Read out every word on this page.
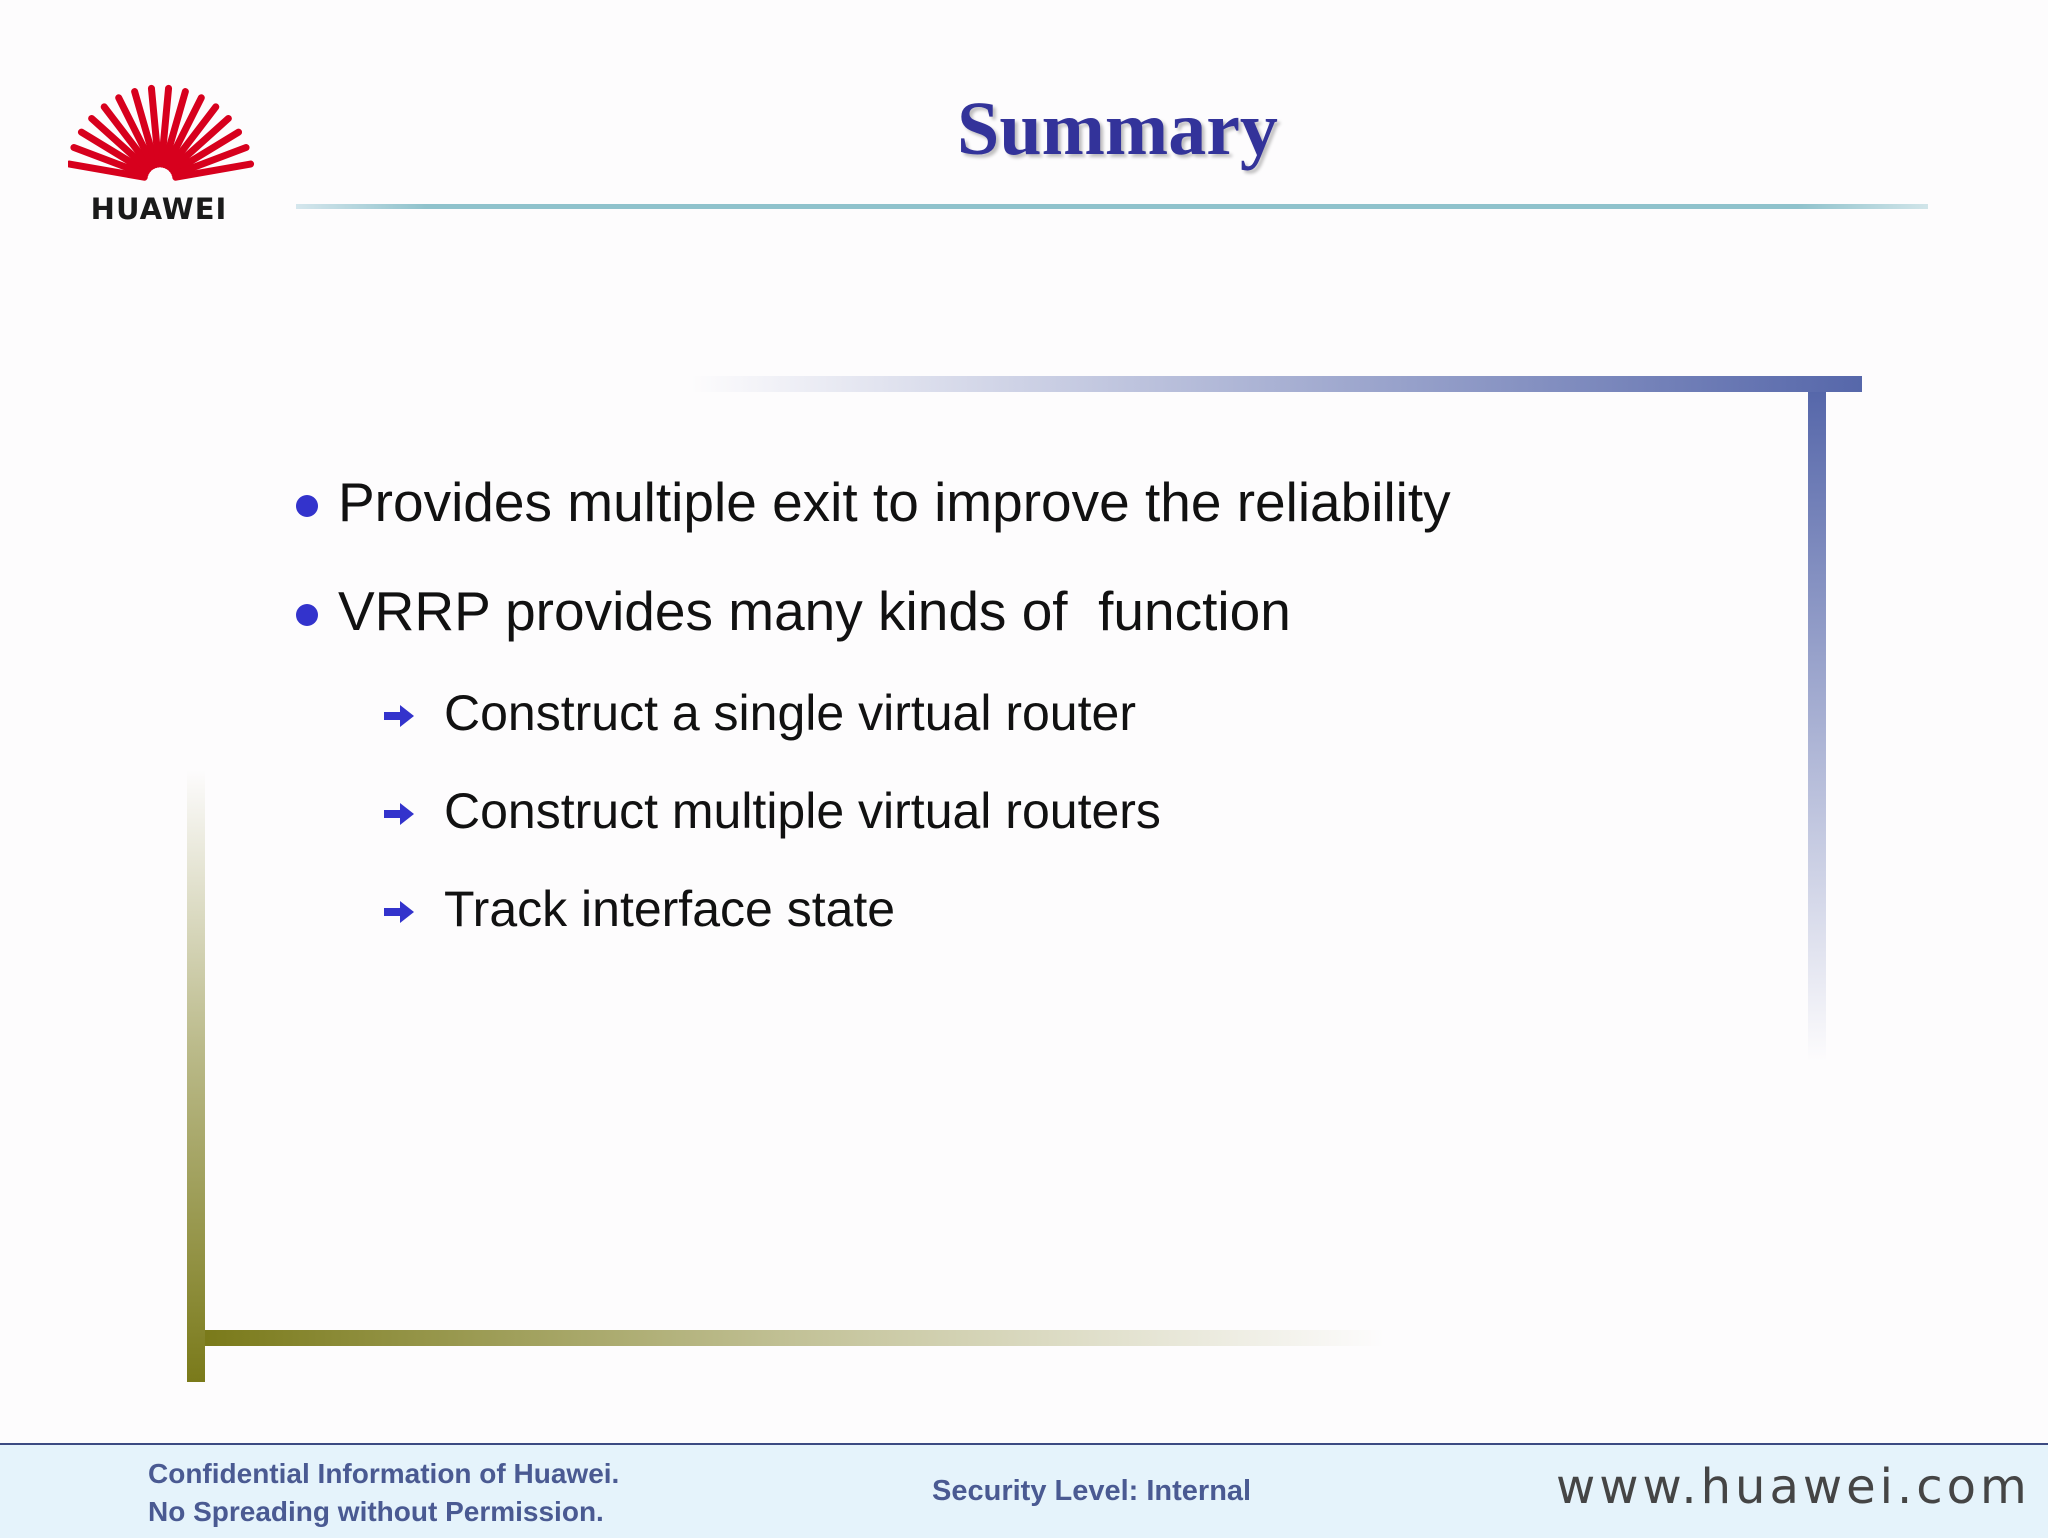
HUAWEI
Summary

Provides multiple exit to improve the reliability

VRRP provides many kinds of  function

Construct a single virtual router

Construct multiple virtual routers

Track interface state

Confidential Information of Huawei.
No Spreading without Permission.
Security Level: Internal	www.huawei.com
